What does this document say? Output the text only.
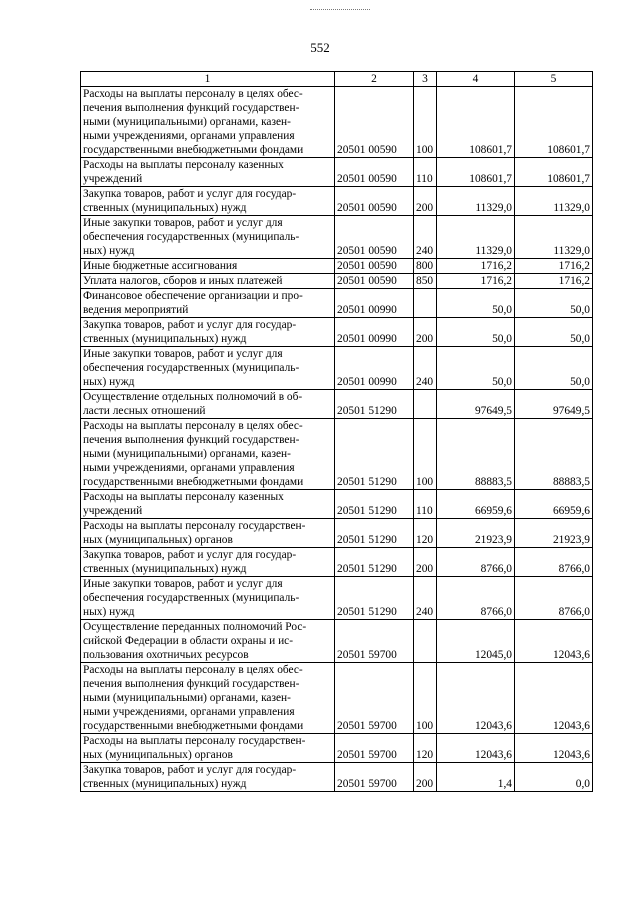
552
1	2	3	4	5
Расходы на выплаты персоналу в целях обес-
печения выполнения функций государствен-
ными (муниципальными) органами, казен-
ными учреждениями, органами управления
государственными внебюджетными фондами	20501 00590	100	108601,7	108601,7
Расходы на выплаты персоналу казенных
учреждений	20501 00590	110	108601,7	108601,7
Закупка товаров, работ и услуг для государ-
ственных (муниципальных) нужд	20501 00590	200	11329,0	11329,0
Иные закупки товаров, работ и услуг для
обеспечения государственных (муниципаль-
ных) нужд	20501 00590	240	11329,0	11329,0
Иные бюджетные ассигнования	20501 00590	800	1716,2	1716,2
Уплата налогов, сборов и иных платежей	20501 00590	850	1716,2	1716,2
Финансовое обеспечение организации и про-
ведения мероприятий	20501 00990		50,0	50,0
Закупка товаров, работ и услуг для государ-
ственных (муниципальных) нужд	20501 00990	200	50,0	50,0
Иные закупки товаров, работ и услуг для
обеспечения государственных (муниципаль-
ных) нужд	20501 00990	240	50,0	50,0
Осуществление отдельных полномочий в об-
ласти лесных отношений	20501 51290		97649,5	97649,5
Расходы на выплаты персоналу в целях обес-
печения выполнения функций государствен-
ными (муниципальными) органами, казен-
ными учреждениями, органами управления
государственными внебюджетными фондами	20501 51290	100	88883,5	88883,5
Расходы на выплаты персоналу казенных
учреждений	20501 51290	110	66959,6	66959,6
Расходы на выплаты персоналу государствен-
ных (муниципальных) органов	20501 51290	120	21923,9	21923,9
Закупка товаров, работ и услуг для государ-
ственных (муниципальных) нужд	20501 51290	200	8766,0	8766,0
Иные закупки товаров, работ и услуг для
обеспечения государственных (муниципаль-
ных) нужд	20501 51290	240	8766,0	8766,0
Осуществление переданных полномочий Рос-
сийской Федерации в области охраны и ис-
пользования охотничьих ресурсов	20501 59700		12045,0	12043,6
Расходы на выплаты персоналу в целях обес-
печения выполнения функций государствен-
ными (муниципальными) органами, казен-
ными учреждениями, органами управления
государственными внебюджетными фондами	20501 59700	100	12043,6	12043,6
Расходы на выплаты персоналу государствен-
ных (муниципальных) органов	20501 59700	120	12043,6	12043,6
Закупка товаров, работ и услуг для государ-
ственных (муниципальных) нужд	20501 59700	200	1,4	0,0
